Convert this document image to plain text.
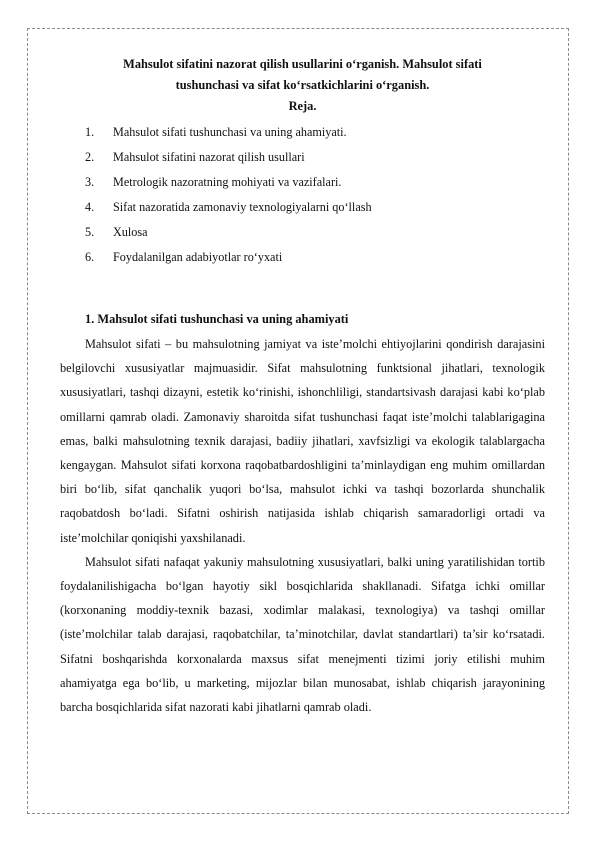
Mahsulot sifatini nazorat qilish usullarini o‘rganish. Mahsulot sifati
tushunchasi va sifat ko‘rsatkichlarini o‘rganish.

Reja.

1.	Mahsulot sifati tushunchasi va uning ahamiyati.
2.	Mahsulot sifatini nazorat qilish usullari
3.	Metrologik nazoratning mohiyati va vazifalari.
4.	Sifat nazoratida zamonaviy texnologiyalarni qo‘llash
5.	Xulosa
6.	Foydalanilgan adabiyotlar ro‘yxati

1. Mahsulot sifati tushunchasi va uning ahamiyati

Mahsulot sifati – bu mahsulotning jamiyat va iste’molchi ehtiyojlarini qondirish darajasini belgilovchi xususiyatlar majmuasidir. Sifat mahsulotning funktsional jihatlari, texnologik xususiyatlari, tashqi dizayni, estetik ko‘rinishi, ishonchliligi, standartsivash darajasi kabi ko‘plab omillarni qamrab oladi. Zamonaviy sharoitda sifat tushunchasi faqat iste’molchi talablarigagina emas, balki mahsulotning texnik darajasi, badiiy jihatlari, xavfsizligi va ekologik talablargacha kengaygan. Mahsulot sifati korxona raqobatbardoshligini ta’minlaydigan eng muhim omillardan biri bo‘lib, sifat qanchalik yuqori bo‘lsa, mahsulot ichki va tashqi bozorlarda shunchalik raqobatdosh bo‘ladi. Sifatni oshirish natijasida ishlab chiqarish samaradorligi ortadi va iste’molchilar qoniqishi yaxshilanadi.

Mahsulot sifati nafaqat yakuniy mahsulotning xususiyatlari, balki uning yaratilishidan tortib foydalanilishigacha bo‘lgan hayotiy sikl bosqichlarida shakllanadi. Sifatga ichki omillar (korxonaning moddiy-texnik bazasi, xodimlar malakasi, texnologiya) va tashqi omillar (iste’molchilar talab darajasi, raqobatchilar, ta’minotchilar, davlat standartlari) ta’sir ko‘rsatadi. Sifatni boshqarishda korxonalarda maxsus sifat menejmenti tizimi joriy etilishi muhim ahamiyatga ega bo‘lib, u marketing, mijozlar bilan munosabat, ishlab chiqarish jarayonining barcha bosqichlarida sifat nazorati kabi jihatlarni qamrab oladi.
